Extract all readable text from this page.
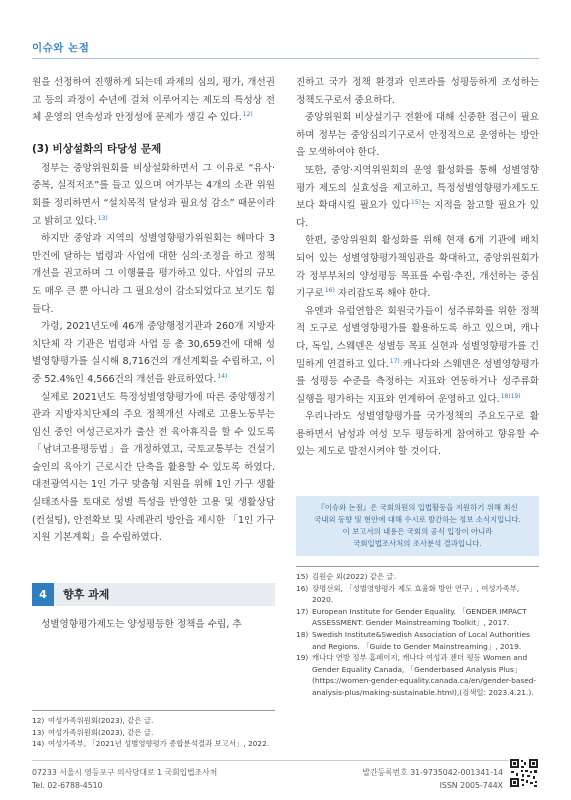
이슈와 논점

원을 선정하여 진행하게 되는데 과제의 심의, 평가, 개선권고 등의 과정이 수년에 걸쳐 이루어지는 제도의 특성상 전체 운영의 연속성과 안정성에 문제가 생길 수 있다.$^{12)}$

(3) 비상설화의 타당성 문제

정부는 중앙위원회를 비상설화하면서 그 이유로 “유사·중복, 실적저조”를 들고 있으며 여가부는 4개의 소관 위원회를 정리하면서 “설치목적 달성과 필요성 감소” 때문이라고 밝히고 있다.$^{13)}$

하지만 중앙과 지역의 성별영향평가위원회는 해마다 3만건에 달하는 법령과 사업에 대한 심의·조정을 하고 정책개선을 권고하며 그 이행률을 평가하고 있다. 사업의 규모도 매우 큰 뿐 아니라 그 필요성이 감소되었다고 보기도 힘들다.

가령, 2021년도에 46개 중앙행정기관과 260개 지방자치단체 각 기관은 법령과 사업 등 총 30,659건에 대해 성별영향평가를 실시해 8,716건의 개선계획을 수립하고, 이 중 52.4%인 4,566건의 개선을 완료하였다.$^{14)}$

실제로 2021년도 특정성별영향평가에 따른 중앙행정기관과 지방자치단체의 주요 정책개선 사례로 고용노동부는 임신 중인 여성근로자가 출산 전 육아휴직을 할 수 있도록 「남녀고용평등법」을 개정하였고, 국토교통부는 건설기술인의 육아기 근로시간 단축을 활용할 수 있도록 하였다. 대전광역시는 1인 가구 맞춤형 지원을 위해 1인 가구 생활실태조사를 토대로 성별 특성을 반영한 고용 및 생활상담(컨설팅), 안전확보 및 사례관리 방안을 제시한 「1인 가구 지원 기본계획」을 수립하였다.

4	향후 과제

성별영향평가제도는 양성평등한 정책을 수립, 추

진하고 국가 정책 환경과 인프라를 성평등하게 조성하는 정책도구로서 중요하다.

중앙위원회 비상설기구 전환에 대해 신중한 접근이 필요하며 정부는 중앙심의기구로서 안정적으로 운영하는 방안을 모색하여야 한다.

또한, 중앙·지역위원회의 운영 활성화를 통해 성별영향평가 제도의 실효성을 제고하고, 특정성별영향평가제도도 보다 확대시킬 필요가 있다$^{15)}$는 지적을 참고할 필요가 있다.

한편, 중앙위원회 활성화를 위해 현재 6개 기관에 배치되어 있는 성별영향평가책임관을 확대하고, 중앙위원회가 각 정부부처의 양성평등 목표를 수립·추진, 개선하는 중심기구로$^{16)}$ 자리잡도록 해야 한다.

유엔과 유럽연합은 회원국가들이 성주류화를 위한 정책적 도구로 성별영향평가를 활용하도록 하고 있으며, 캐나다, 독일, 스웨덴은 성별등 목표 실현과 성별영향평가를 긴밀하게 연결하고 있다.$^{17)}$ 캐나다와 스웨덴은 성별영향평가를 성평등 수준을 측정하는 지표와 연동하거나 성주류화 실행을 평가하는 지표와 연계하여 운영하고 있다.$^{18)19)}$

우리나라도 성별영향평가를 국가정책의 주요도구로 활용하면서 남성과 여성 모두 평등하게 참여하고 향유할 수 있는 제도로 발전시켜야 할 것이다.

『이슈와 논점』은 국회의원의 입법활동을 지원하기 위해 최신
국내외 동향 및 현안에 대해 수시로 발간하는 정보 소식지입니다.
이 보고서의 내용은 국회의 공식 입장이 아니라
국회입법조사처의 조사분석 결과입니다.
15) 김원순 외(2022) 같은 글.
16) 장명선외, 「성별영향평가 제도 효율화 방안 연구」, 여성가족부, 2020.
17) European Institute for Gender Equality. 「GENDER IMPACT ASSESSMENT: Gender Mainstreaming Toolkit」, 2017.
18) Swedish Institute&Swedish Association of Local Authorities and Regions. 「Guide to Gender Mainstreaming」, 2019.
19) 캐나다 연방 정부 홈페이지, 캐나다 여성과 젠더 평등 Women and Gender Equality Canada, 「Genderbased Analysis Plus」 (https://women-gender-equality.canada.ca/en/gender-based-analysis-plus/making-sustainable.html),(검색일: 2023.4.21.).
12) 여성가족위원회(2023), 같은 글.
13) 여성가족위원회(2023), 같은 글.
14) 여성가족부, 「2021년 성별영향평가 종합분석결과 보고서」, 2022.
07233 서울시 영등포구 의사당대로 1 국회입법조사처
Tel. 02-6788-4510
발간등록번호 31-9735042-001341-14
ISSN 2005-744X
